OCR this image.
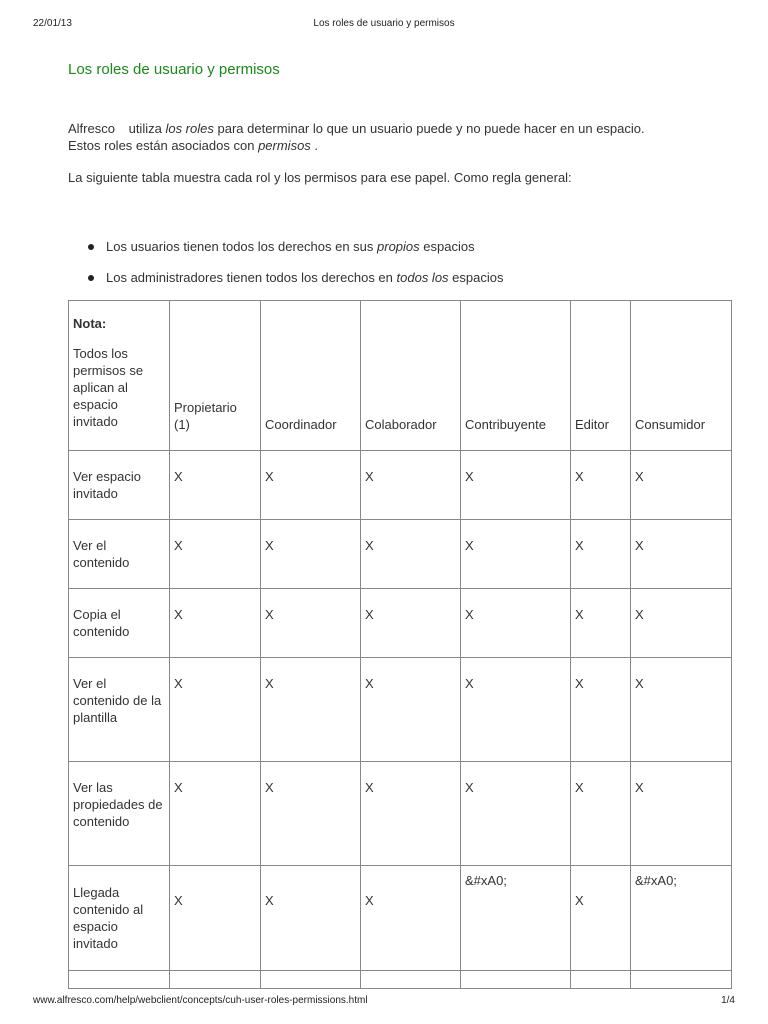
22/01/13	Los roles de usuario y permisos
Los roles de usuario y permisos

Alfresco utiliza los roles para determinar lo que un usuario puede y no puede hacer en un espacio.
Estos roles están asociados con permisos .

La siguiente tabla muestra cada rol y los permisos para ese papel. Como regla general:

Los usuarios tienen todos los derechos en sus propios espacios
Los administradores tienen todos los derechos en todos los espacios
Nota:
Todos los permisos se aplican al espacio invitado	Propietario (1)	Coordinador	Colaborador	Contribuyente	Editor	Consumidor
Ver espacio invitado	X	X	X	X	X	X
Ver el contenido	X	X	X	X	X	X
Copia el contenido	X	X	X	X	X	X
Ver el contenido de la plantilla	X	X	X	X	X	X
Ver las propiedades de contenido	X	X	X	X	X	X
Llegada contenido al espacio invitado	X	X	X	&#xA0;	X	&#xA0;

www.alfresco.com/help/webclient/concepts/cuh-user-roles-permissions.html	1/4
